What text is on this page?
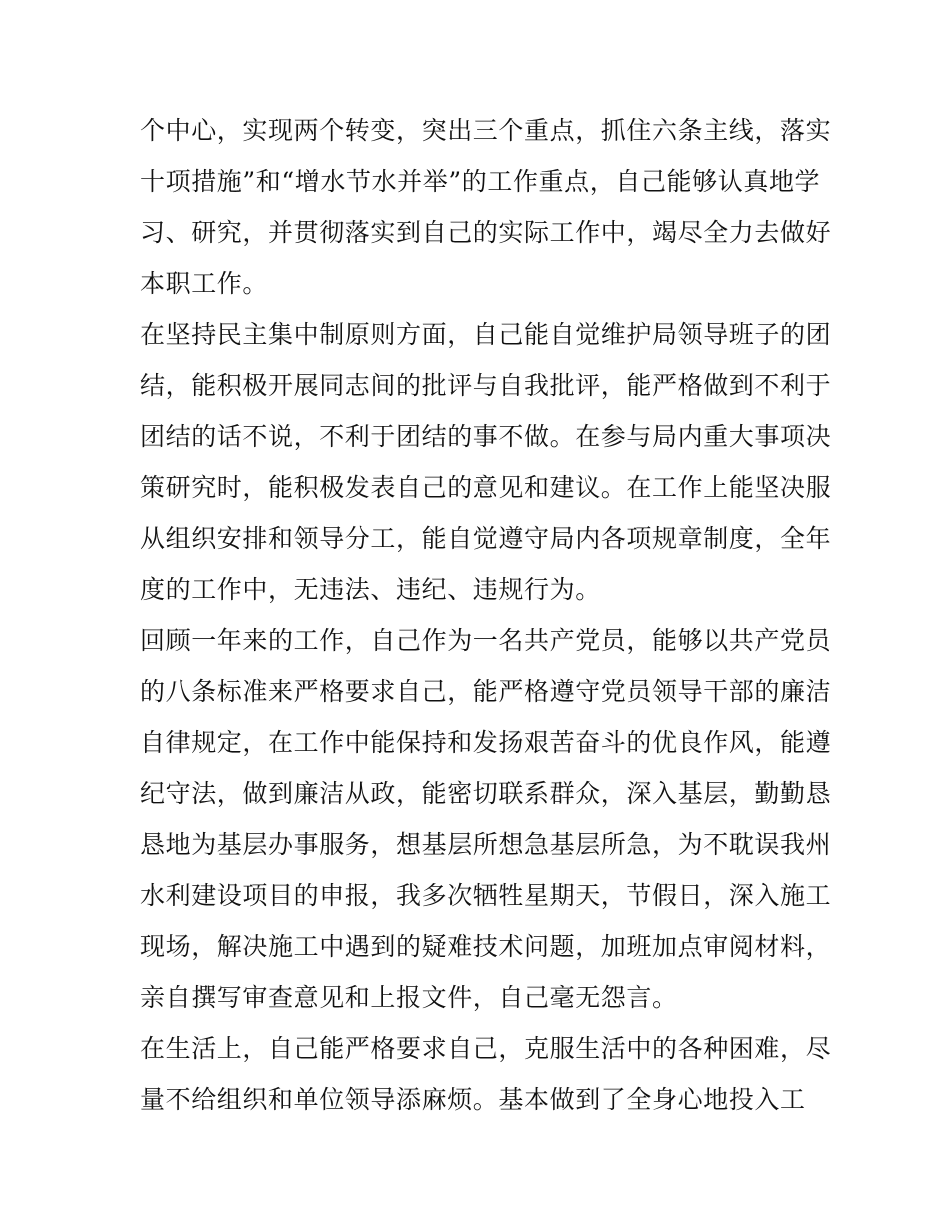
个中心，实现两个转变，突出三个重点，抓住六条主线，落实
十项措施”和“增水节水并举”的工作重点，自己能够认真地学
习、研究，并贯彻落实到自己的实际工作中，竭尽全力去做好
本职工作。
在坚持民主集中制原则方面，自己能自觉维护局领导班子的团
结，能积极开展同志间的批评与自我批评，能严格做到不利于
团结的话不说，不利于团结的事不做。在参与局内重大事项决
策研究时，能积极发表自己的意见和建议。在工作上能坚决服
从组织安排和领导分工，能自觉遵守局内各项规章制度，全年
度的工作中，无违法、违纪、违规行为。
回顾一年来的工作，自己作为一名共产党员，能够以共产党员
的八条标准来严格要求自己，能严格遵守党员领导干部的廉洁
自律规定，在工作中能保持和发扬艰苦奋斗的优良作风，能遵
纪守法，做到廉洁从政，能密切联系群众，深入基层，勤勤恳
恳地为基层办事服务，想基层所想急基层所急，为不耽误我州
水利建设项目的申报，我多次牺牲星期天，节假日，深入施工
现场，解决施工中遇到的疑难技术问题，加班加点审阅材料，
亲自撰写审查意见和上报文件，自己毫无怨言。
在生活上，自己能严格要求自己，克服生活中的各种困难，尽
量不给组织和单位领导添麻烦。基本做到了全身心地投入工
